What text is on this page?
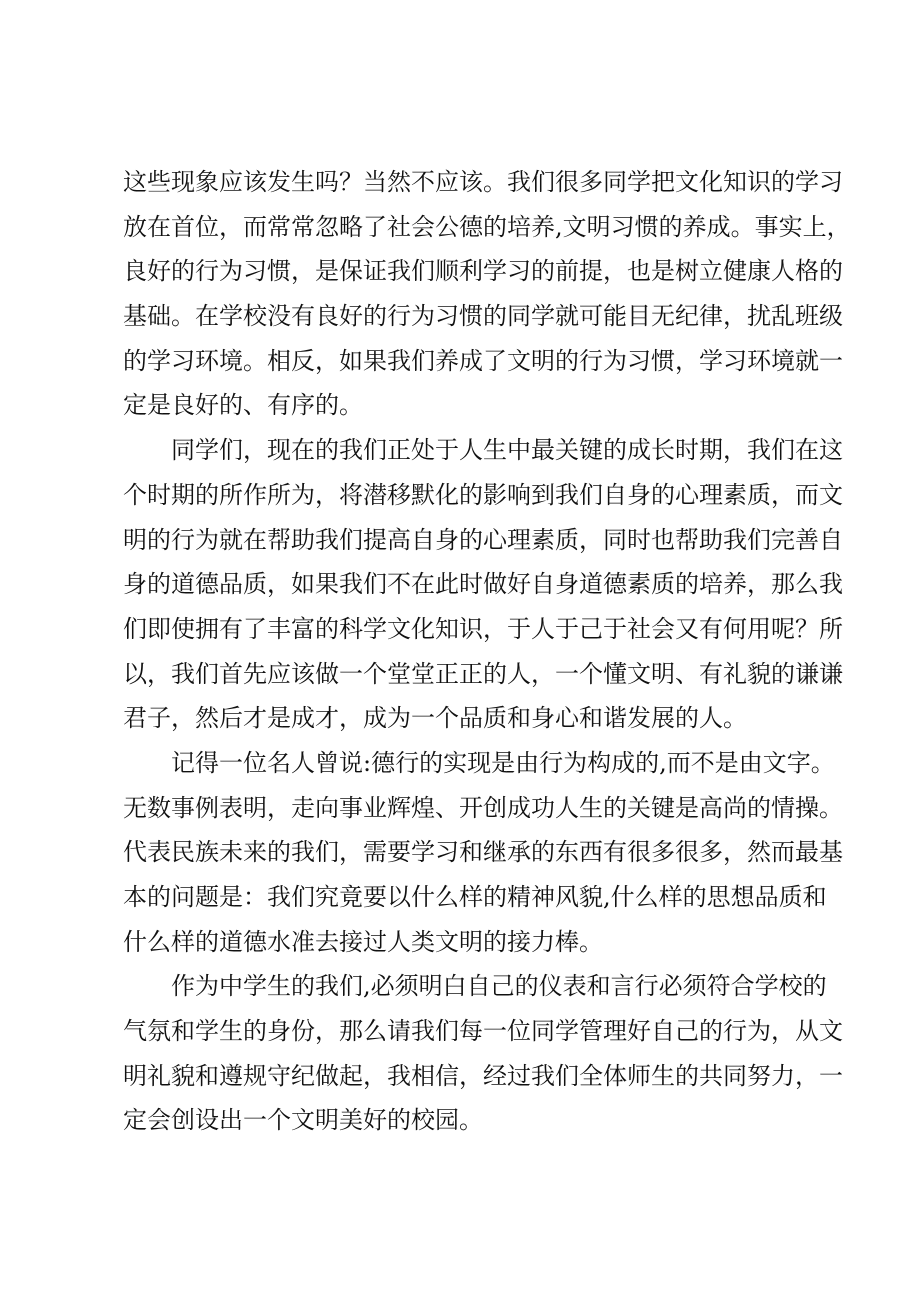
这些现象应该发生吗？当然不应该。我们很多同学把文化知识的学习
放在首位，而常常忽略了社会公德的培养,文明习惯的养成。事实上，
良好的行为习惯，是保证我们顺利学习的前提，也是树立健康人格的
基础。在学校没有良好的行为习惯的同学就可能目无纪律，扰乱班级
的学习环境。相反，如果我们养成了文明的行为习惯，学习环境就一
定是良好的、有序的。
同学们，现在的我们正处于人生中最关键的成长时期，我们在这
个时期的所作所为，将潜移默化的影响到我们自身的心理素质，而文
明的行为就在帮助我们提高自身的心理素质，同时也帮助我们完善自
身的道德品质，如果我们不在此时做好自身道德素质的培养，那么我
们即使拥有了丰富的科学文化知识，于人于己于社会又有何用呢？所
以，我们首先应该做一个堂堂正正的人，一个懂文明、有礼貌的谦谦
君子，然后才是成才，成为一个品质和身心和谐发展的人。
记得一位名人曾说:德行的实现是由行为构成的,而不是由文字。
无数事例表明，走向事业辉煌、开创成功人生的关键是高尚的情操。
代表民族未来的我们，需要学习和继承的东西有很多很多，然而最基
本的问题是：我们究竟要以什么样的精神风貌,什么样的思想品质和
什么样的道德水准去接过人类文明的接力棒。
作为中学生的我们,必须明白自己的仪表和言行必须符合学校的
气氛和学生的身份，那么请我们每一位同学管理好自己的行为，从文
明礼貌和遵规守纪做起，我相信，经过我们全体师生的共同努力，一
定会创设出一个文明美好的校园。
